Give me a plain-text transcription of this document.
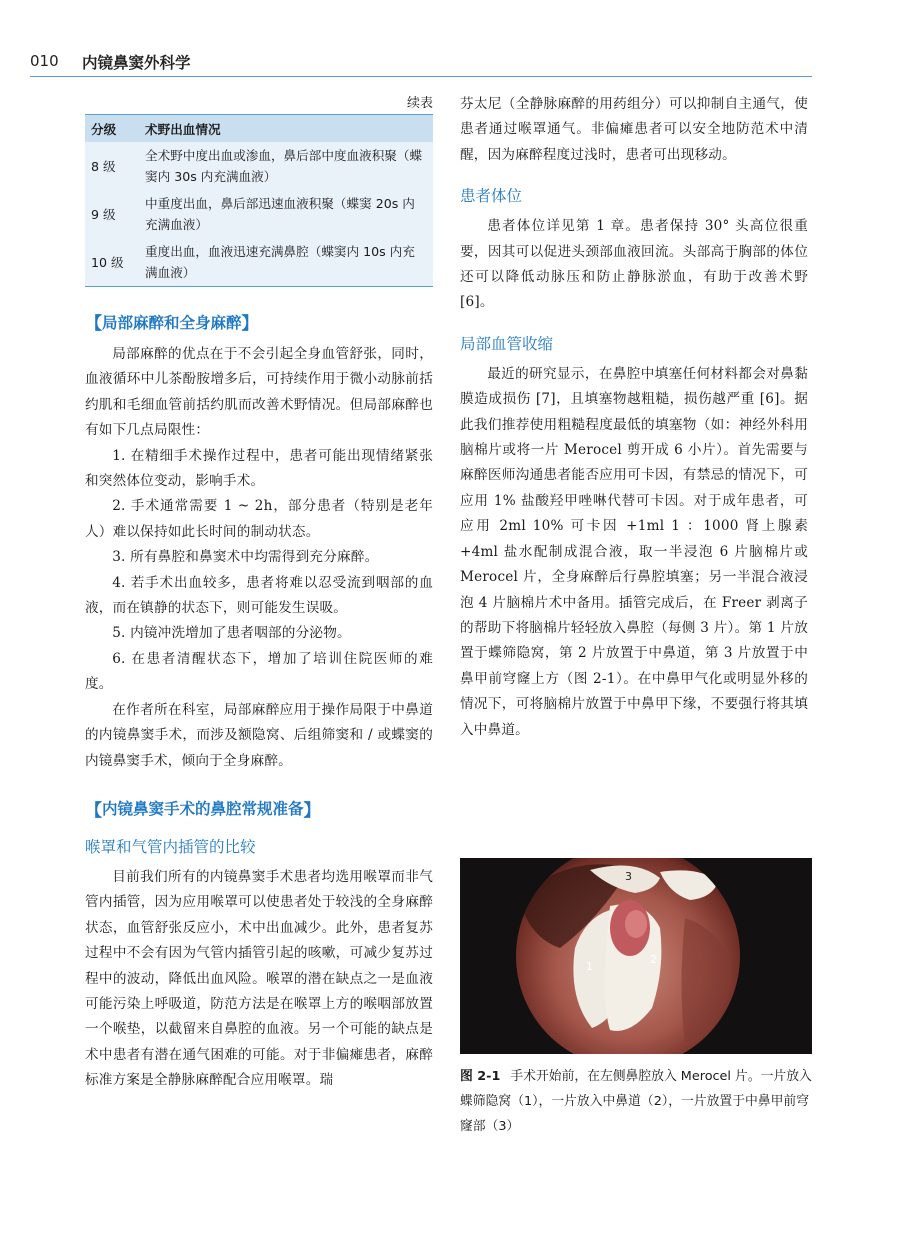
010 内镜鼻窦外科学
续表
分级	术野出血情况
8 级	全术野中度出血或渗血，鼻后部中度血液积聚（蝶窦内 30s 内充满血液）
9 级	中重度出血，鼻后部迅速血液积聚（蝶窦 20s 内充满血液）
10 级	重度出血，血液迅速充满鼻腔（蝶窦内 10s 内充满血液）
【 局部麻醉和全身麻醉 】

局部麻醉的优点在于不会引起全身血管舒张，同时，血液循环中儿茶酚胺增多后，可持续作用于微小动脉前括约肌和毛细血管前括约肌而改善术野情况。但局部麻醉也有如下几点局限性：

1. 在精细手术操作过程中，患者可能出现情绪紧张和突然体位变动，影响手术。

2. 手术通常需要 1 ~ 2h，部分患者（特别是老年人）难以保持如此长时间的制动状态。

3. 所有鼻腔和鼻窦术中均需得到充分麻醉。

4. 若手术出血较多，患者将难以忍受流到咽部的血液，而在镇静的状态下，则可能发生误吸。

5. 内镜冲洗增加了患者咽部的分泌物。

6. 在患者清醒状态下，增加了培训住院医师的难度。

在作者所在科室，局部麻醉应用于操作局限于中鼻道的内镜鼻窦手术，而涉及额隐窝、后组筛窦和 / 或蝶窦的内镜鼻窦手术，倾向于全身麻醉。

【 内镜鼻窦手术的鼻腔常规准备 】
喉罩和气管内插管的比较

目前我们所有的内镜鼻窦手术患者均选用喉罩而非气管内插管，因为应用喉罩可以使患者处于较浅的全身麻醉状态，血管舒张反应小，术中出血减少。此外，患者复苏过程中不会有因为气管内插管引起的咳嗽，可减少复苏过程中的波动，降低出血风险。喉罩的潜在缺点之一是血液可能污染上呼吸道，防范方法是在喉罩上方的喉咽部放置一个喉垫，以截留来自鼻腔的血液。另一个可能的缺点是术中患者有潜在通气困难的可能。对于非偏瘫患者，麻醉标准方案是全静脉麻醉配合应用喉罩。瑞

芬太尼（全静脉麻醉的用药组分）可以抑制自主通气，使患者通过喉罩通气。非偏瘫患者可以安全地防范术中清醒，因为麻醉程度过浅时，患者可出现移动。

患者体位

患者体位详见第 1 章。患者保持 30° 头高位很重要，因其可以促进头颈部血液回流。头部高于胸部的体位还可以降低动脉压和防止静脉淤血，有助于改善术野 [6]。

局部血管收缩

最近的研究显示，在鼻腔中填塞任何材料都会对鼻黏膜造成损伤 [7]，且填塞物越粗糙，损伤越严重 [6]。据此我们推荐使用粗糙程度最低的填塞物（如：神经外科用脑棉片或将一片 Merocel 剪开成 6 小片）。首先需要与麻醉医师沟通患者能否应用可卡因，有禁忌的情况下，可应用 1% 盐酸羟甲唑啉代替可卡因。对于成年患者，可应用 2ml 10% 可卡因 +1ml 1 ：1000 肾上腺素 +4ml 盐水配制成混合液，取一半浸泡 6 片脑棉片或 Merocel 片，全身麻醉后行鼻腔填塞；另一半混合液浸泡 4 片脑棉片术中备用。插管完成后，在 Freer 剥离子的帮助下将脑棉片轻轻放入鼻腔（每侧 3 片）。第 1 片放置于蝶筛隐窝，第 2 片放置于中鼻道，第 3 片放置于中鼻甲前穹窿上方（图 2-1）。在中鼻甲气化或明显外移的情况下，可将脑棉片放置于中鼻甲下缘，不要强行将其填入中鼻道。

1
2
3
图 2-1 手术开始前，在左侧鼻腔放入 Merocel 片。一片放入蝶筛隐窝（1），一片放入中鼻道（2），一片放置于中鼻甲前穹窿部（3）
